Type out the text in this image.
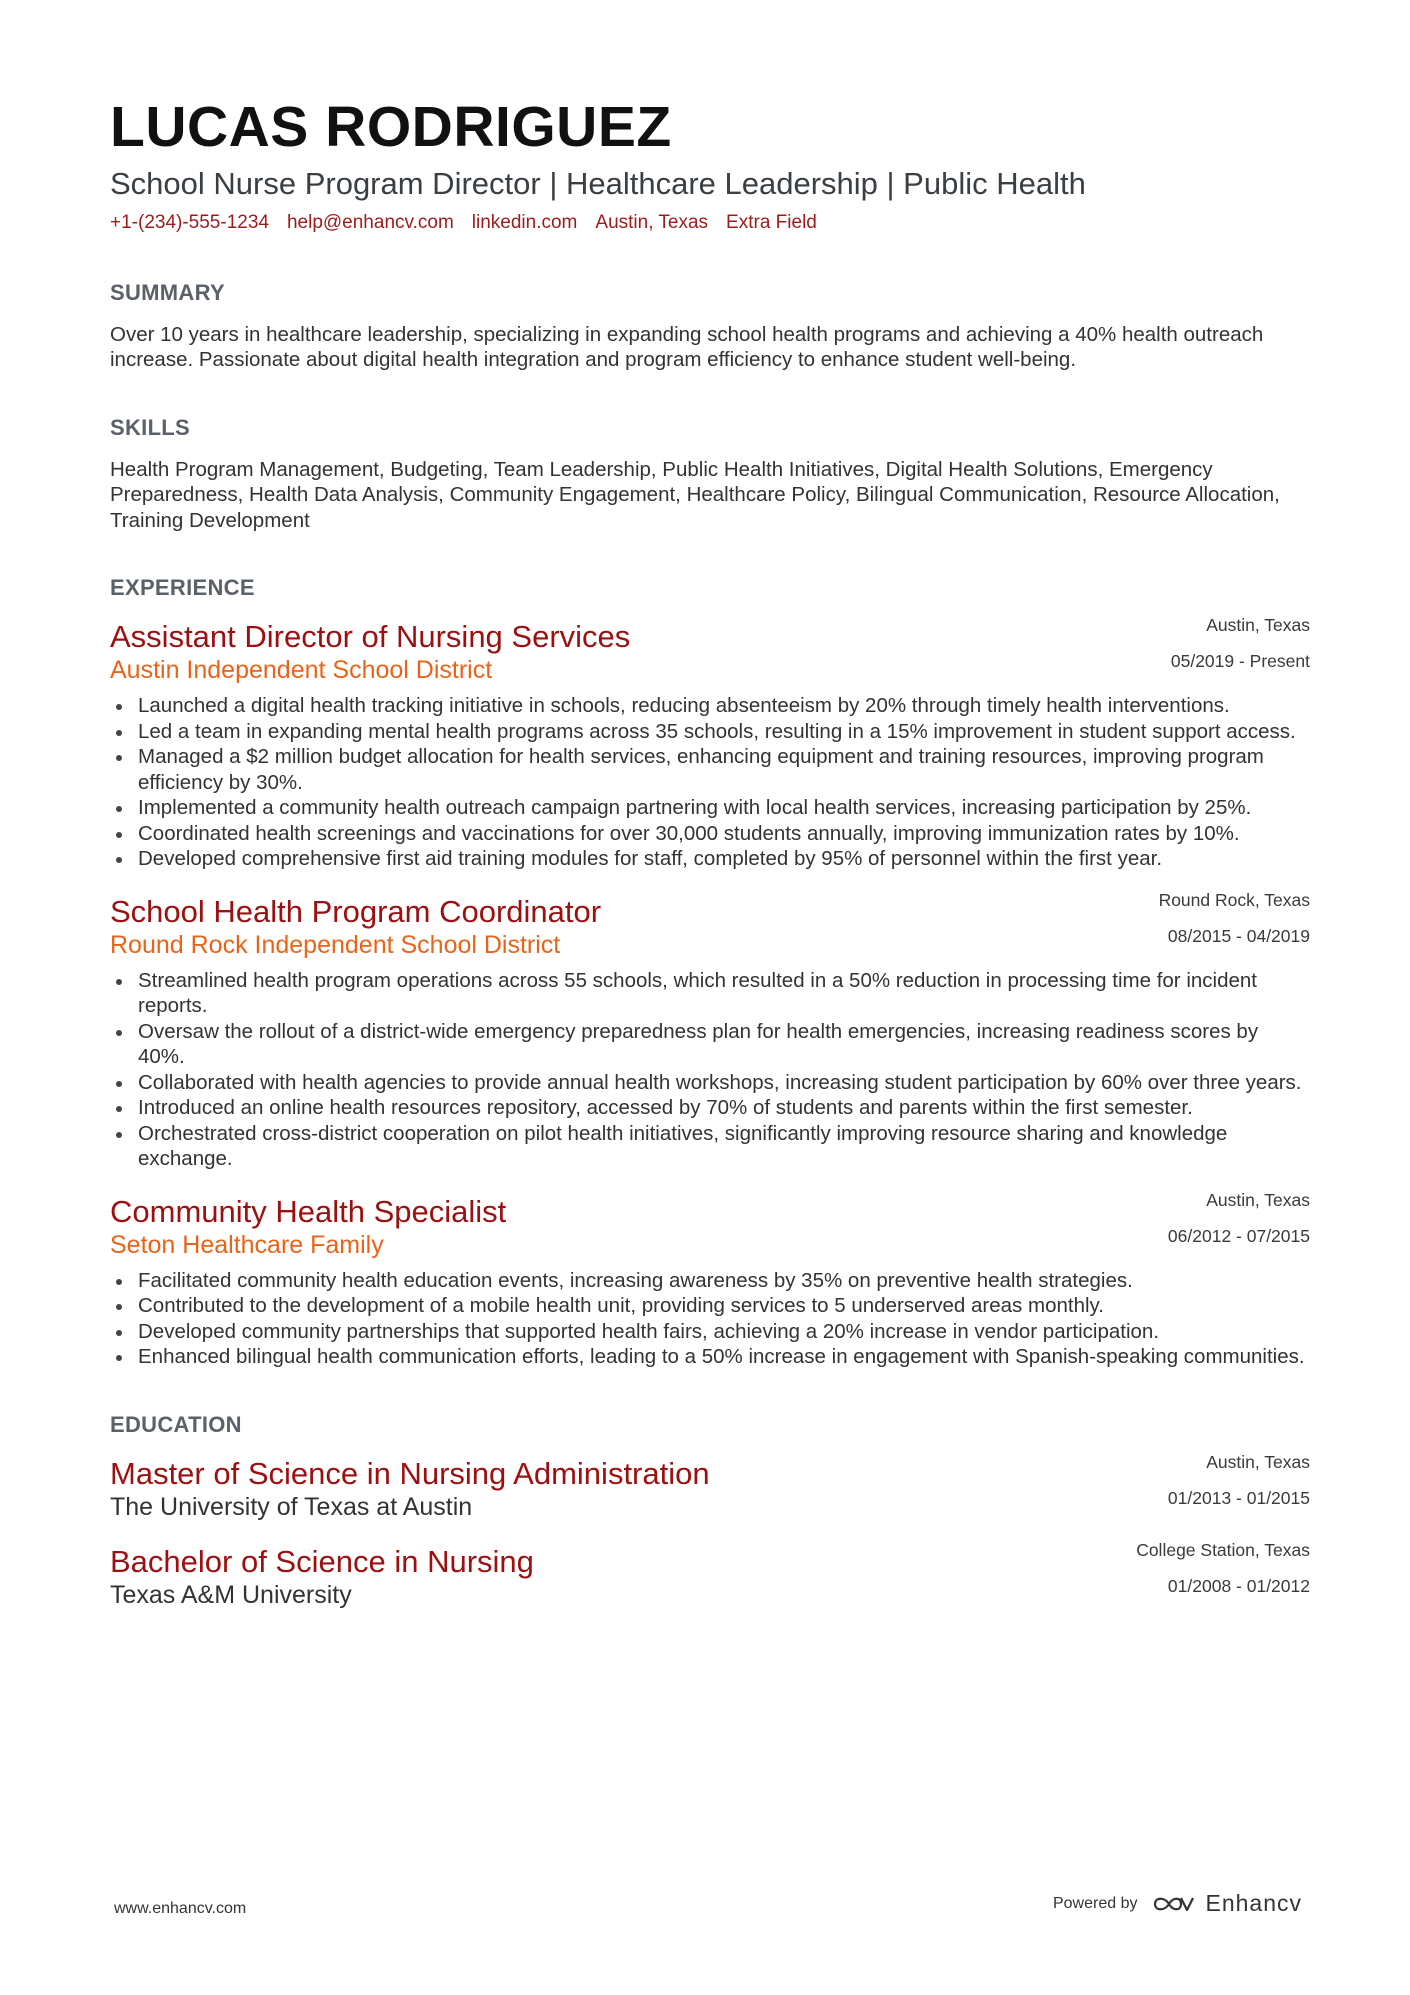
LUCAS RODRIGUEZ
School Nurse Program Director | Healthcare Leadership | Public Health
+1-(234)-555-1234 help@enhancv.com linkedin.com Austin, Texas Extra Field
SUMMARY
Over 10 years in healthcare leadership, specializing in expanding school health programs and achieving a 40% health outreach increase. Passionate about digital health integration and program efficiency to enhance student well-being.
SKILLS
Health Program Management, Budgeting, Team Leadership, Public Health Initiatives, Digital Health Solutions, Emergency Preparedness, Health Data Analysis, Community Engagement, Healthcare Policy, Bilingual Communication, Resource Allocation, Training Development
EXPERIENCE
Assistant Director of Nursing Services
Austin Independent School District
Austin, Texas
05/2019 - Present
Launched a digital health tracking initiative in schools, reducing absenteeism by 20% through timely health interventions.
Led a team in expanding mental health programs across 35 schools, resulting in a 15% improvement in student support access.
Managed a $2 million budget allocation for health services, enhancing equipment and training resources, improving program efficiency by 30%.
Implemented a community health outreach campaign partnering with local health services, increasing participation by 25%.
Coordinated health screenings and vaccinations for over 30,000 students annually, improving immunization rates by 10%.
Developed comprehensive first aid training modules for staff, completed by 95% of personnel within the first year.
School Health Program Coordinator
Round Rock Independent School District
Round Rock, Texas
08/2015 - 04/2019
Streamlined health program operations across 55 schools, which resulted in a 50% reduction in processing time for incident reports.
Oversaw the rollout of a district-wide emergency preparedness plan for health emergencies, increasing readiness scores by 40%.
Collaborated with health agencies to provide annual health workshops, increasing student participation by 60% over three years.
Introduced an online health resources repository, accessed by 70% of students and parents within the first semester.
Orchestrated cross-district cooperation on pilot health initiatives, significantly improving resource sharing and knowledge exchange.
Community Health Specialist
Seton Healthcare Family
Austin, Texas
06/2012 - 07/2015
Facilitated community health education events, increasing awareness by 35% on preventive health strategies.
Contributed to the development of a mobile health unit, providing services to 5 underserved areas monthly.
Developed community partnerships that supported health fairs, achieving a 20% increase in vendor participation.
Enhanced bilingual health communication efforts, leading to a 50% increase in engagement with Spanish-speaking communities.
EDUCATION
Master of Science in Nursing Administration
The University of Texas at Austin
Austin, Texas
01/2013 - 01/2015
Bachelor of Science in Nursing
Texas A&M University
College Station, Texas
01/2008 - 01/2012
www.enhancv.com	Powered by	Enhancv
